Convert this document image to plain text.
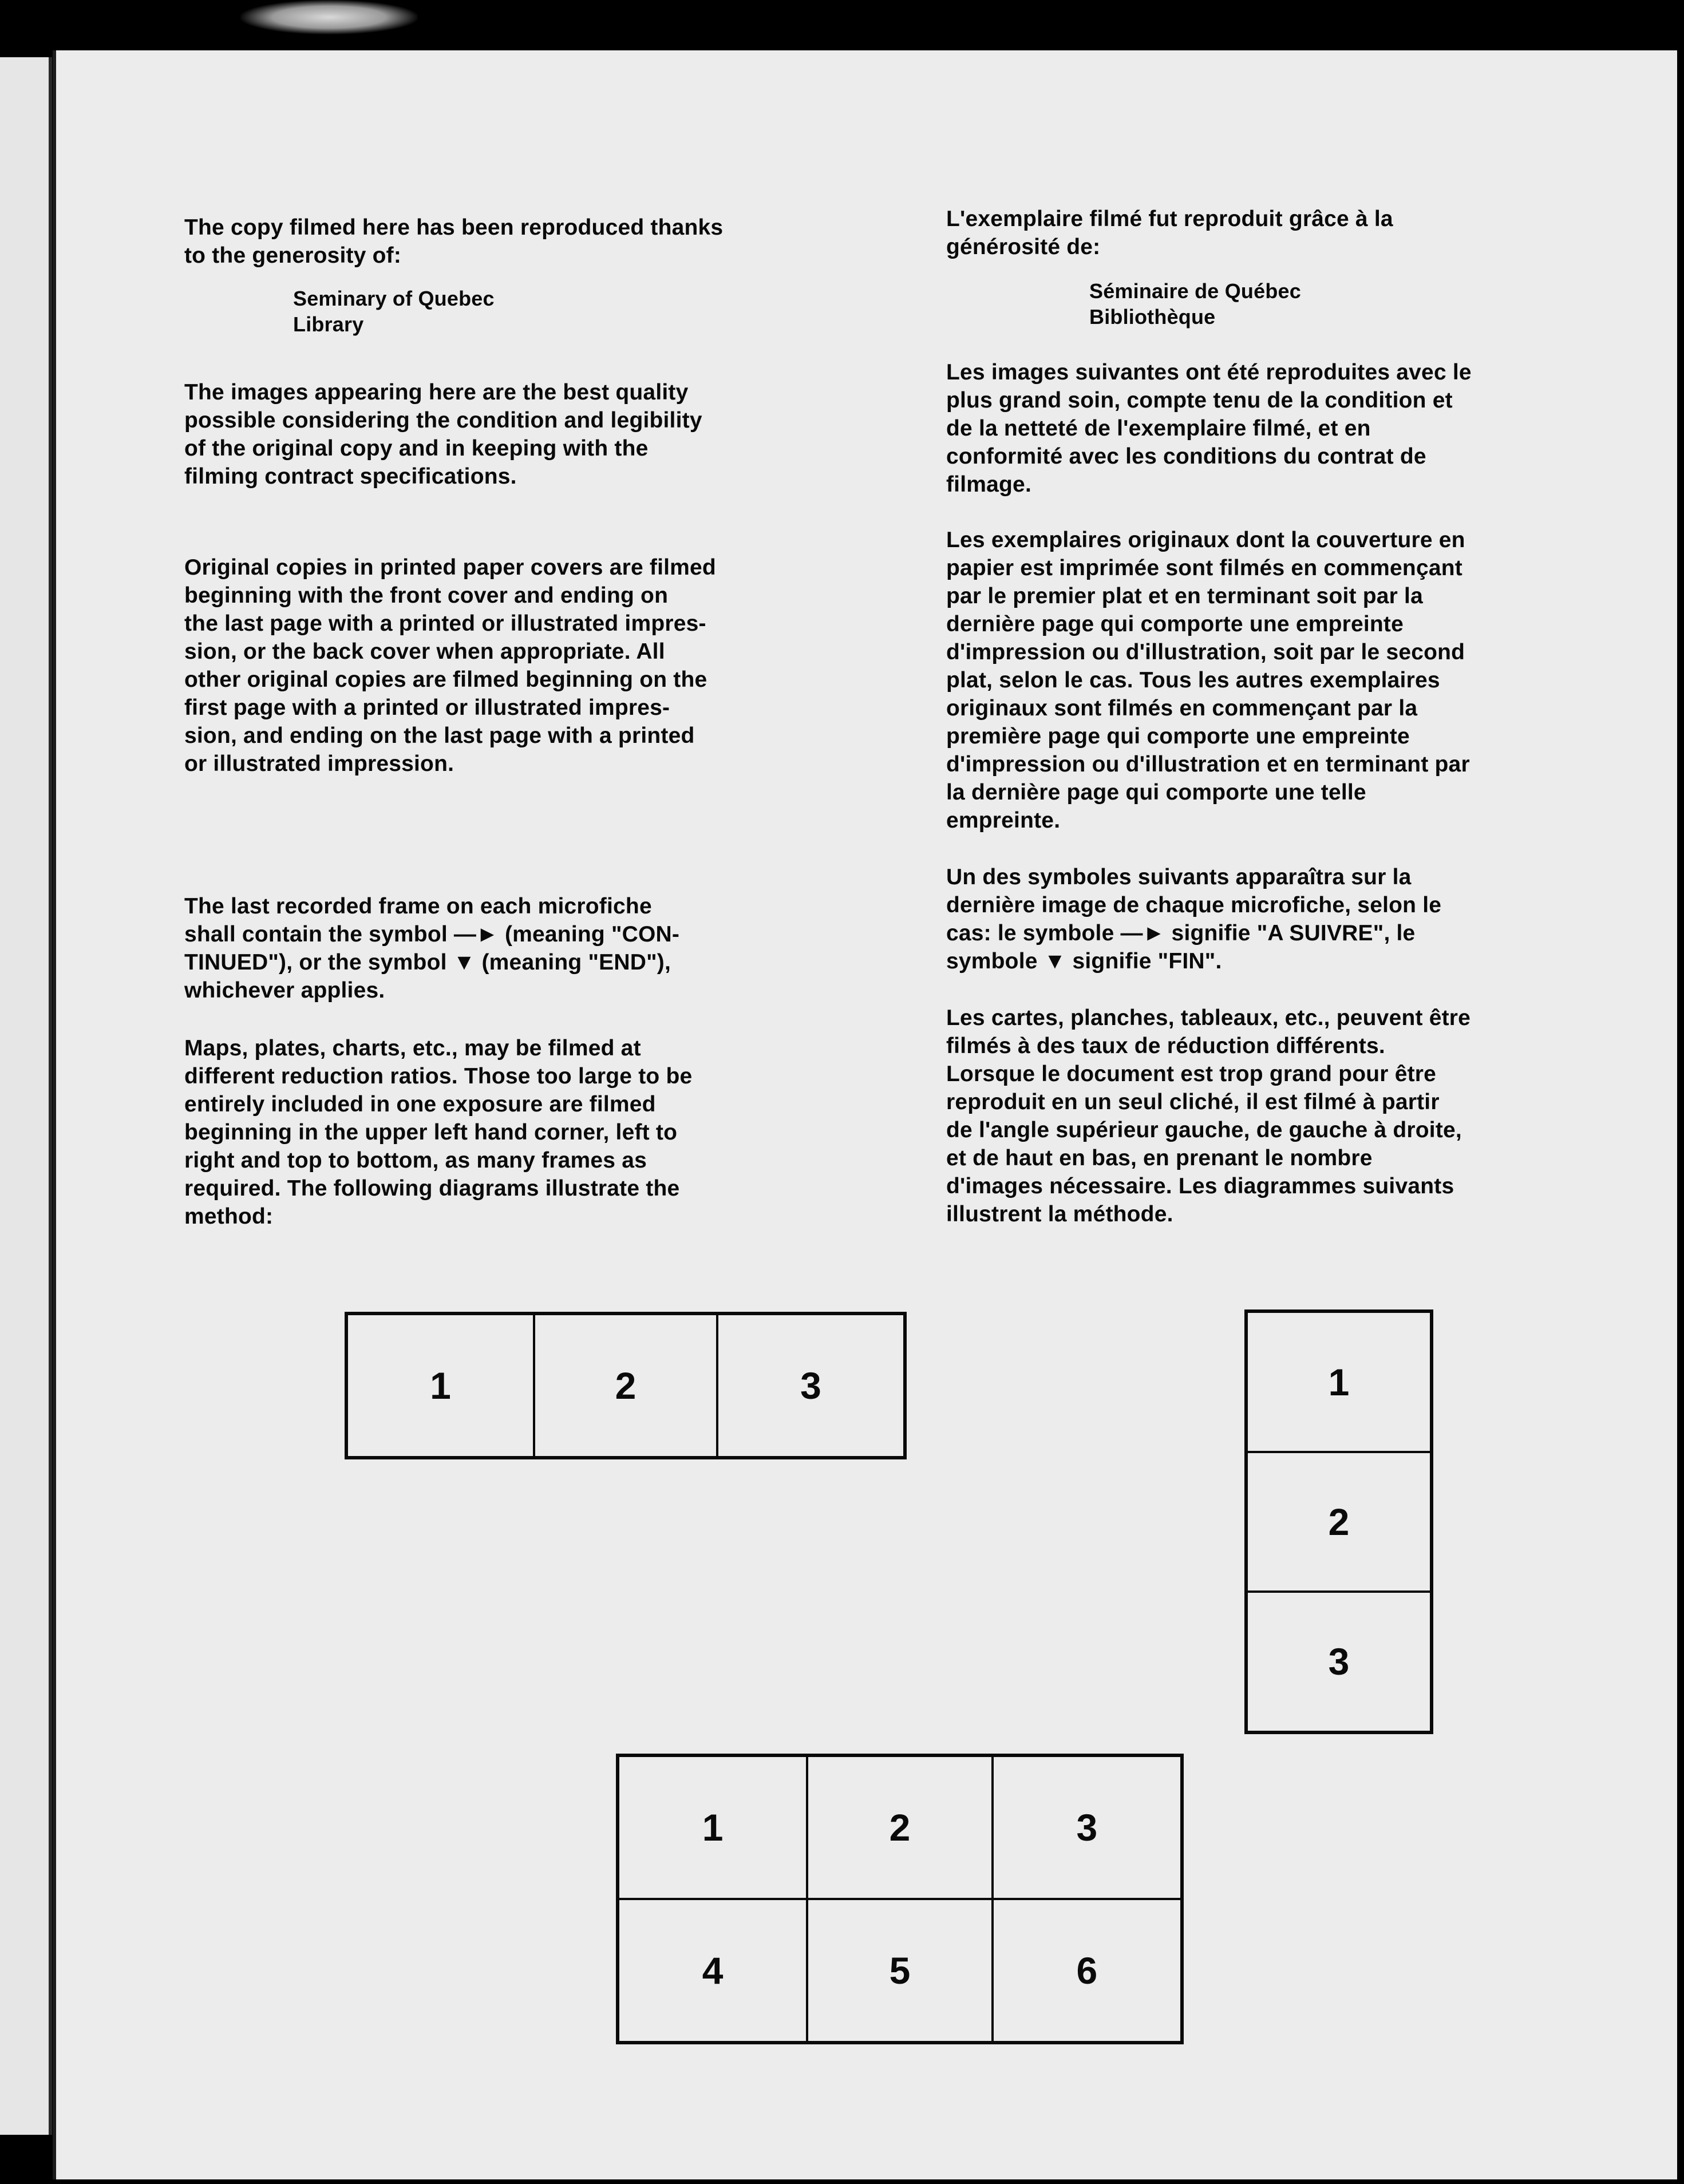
The copy filmed here has been reproduced thanks
to the generosity of:

Seminary of Quebec
Library

The images appearing here are the best quality
possible considering the condition and legibility
of the original copy and in keeping with the
filming contract specifications.

Original copies in printed paper covers are filmed
beginning with the front cover and ending on
the last page with a printed or illustrated impres-
sion, or the back cover when appropriate. All
other original copies are filmed beginning on the
first page with a printed or illustrated impres-
sion, and ending on the last page with a printed
or illustrated impression.

The last recorded frame on each microfiche
shall contain the symbol —► (meaning "CON-
TINUED"), or the symbol ▼ (meaning "END"),
whichever applies.

Maps, plates, charts, etc., may be filmed at
different reduction ratios. Those too large to be
entirely included in one exposure are filmed
beginning in the upper left hand corner, left to
right and top to bottom, as many frames as
required. The following diagrams illustrate the
method:

L'exemplaire filmé fut reproduit grâce à la
générosité de:

Séminaire de Québec
Bibliothèque

Les images suivantes ont été reproduites avec le
plus grand soin, compte tenu de la condition et
de la netteté de l'exemplaire filmé, et en
conformité avec les conditions du contrat de
filmage.

Les exemplaires originaux dont la couverture en
papier est imprimée sont filmés en commençant
par le premier plat et en terminant soit par la
dernière page qui comporte une empreinte
d'impression ou d'illustration, soit par le second
plat, selon le cas. Tous les autres exemplaires
originaux sont filmés en commençant par la
première page qui comporte une empreinte
d'impression ou d'illustration et en terminant par
la dernière page qui comporte une telle
empreinte.

Un des symboles suivants apparaîtra sur la
dernière image de chaque microfiche, selon le
cas: le symbole —► signifie "A SUIVRE", le
symbole ▼ signifie "FIN".

Les cartes, planches, tableaux, etc., peuvent être
filmés à des taux de réduction différents.
Lorsque le document est trop grand pour être
reproduit en un seul cliché, il est filmé à partir
de l'angle supérieur gauche, de gauche à droite,
et de haut en bas, en prenant le nombre
d'images nécessaire. Les diagrammes suivants
illustrent la méthode.

1	2	3	1
2
3
1	2	3
4	5	6
